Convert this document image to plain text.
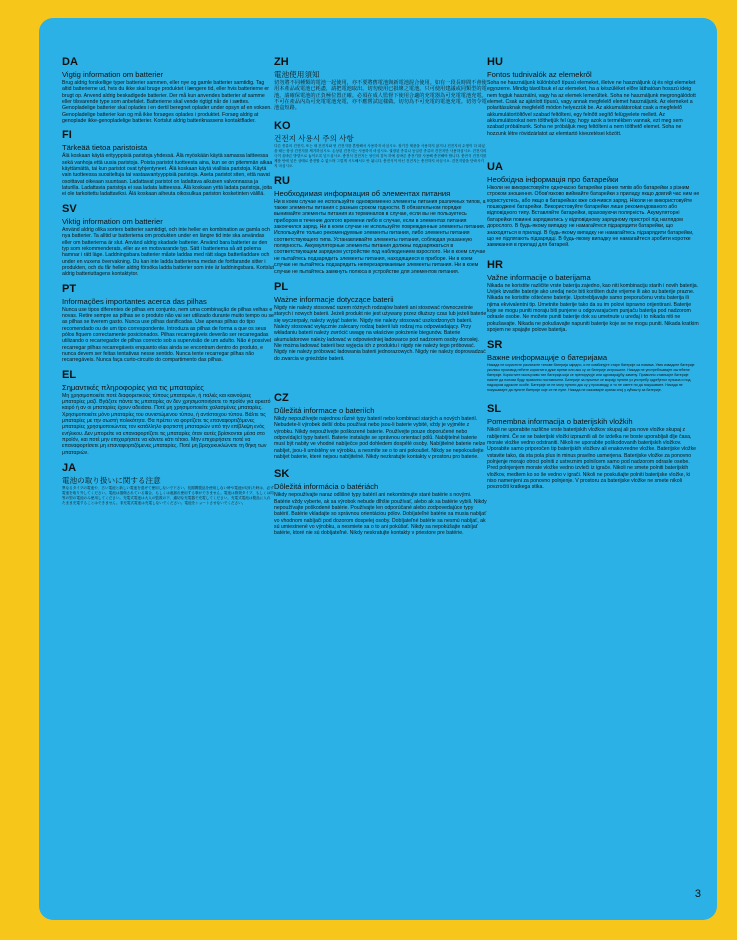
DA
Vigtig information om batterier

Brug aldrig forskellige typer batterier sammen, eller nye og gamle batterier samtidig. Tag altid batterierne ud, hvis du ikke skal bruge produktet i længere tid, eller hvis batterierne er brugt op. Anvend aldrig beskadigede batterier. Der må kun anvendes batterier af samme eller tilsvarende type som anbefalet. Batterierne skal vende rigtigt når de i sættes. Genopladelige batterier skal oplades i en dertil beregnet oplader under opsyn af en voksen. Genopladelige batterier kan og må ikke forsøges oplades i produktet. Forsøg aldrig at genoplade ikke-genopladelige batterier. Kortslut aldrig batteriknassens kontaktflader.

FI
Tärkeää tietoa paristoista

Älä koskaan käytä erityyppisiä paristoja yhdessä. Älä myöskään käytä samassa laitteessa sekä vanhoja että uusia paristoja. Poista paristot tuotteesta aina, kun se on pitemmän aikaa käyttämättä, tai kun paristot ovat tyhjentyneet. Älä koskaan käytä viallisia paristoja. Käytä vain tuotteessa suositeltuja tai vastaavantyyppisiä paristoja. Aseta paristot siten, että navat osoittavat oikeaan suuntaan. Ladattavat paristot on ladattava aikuisen valvonnassa ja laturilla. Ladattavia paristoja ei saa ladata laitteessa. Älä koskaan yritä ladata paristoja, joita ei ole tarkoitettu ladattaviksi. Älä koskaan aiheuta oikosulkua pariston kosketinten välillä.

SV
Viktig information om batterier

Använd aldrig olika sorters batterier samtidigt, och inte heller en kombination av gamla och nya batterier. Ta alltid ur batterierna om produkten under en längre tid inte ska användas eller om batterierna är slut. Använd aldrig skadade batterier. Använd bara batterier av den typ som rekommenderats, eller av en motsvarande typ. Sätt i batterierna så att polerna hamnar i rätt läge. Laddningsbara batterier måste laddas med rätt slags batteriladdare och under en vuxens övervakning. Du kan inte ladda batterierna medan de fortfarande sitter i produkten, och du får heller aldrig försöka ladda batterier som inte är laddningsbara. Kortslut aldrig batteriuttagens kontaktytor.

PT
Informações importantes acerca das pilhas

Nunca use tipos diferentes de pilhas em conjunto, nem uma combinação de pilhas velhas e novas. Retire sempre as pilhas se o produto não vai ser utilizado durante muito tempo ou se as pilhas se tiverem gasto. Nunca use pilhas danificadas. Use apenas pilhas do tipo recomendado ou de um tipo correspondente. Introduza as pilhas de forma a que os seus pólos fiquem correctamente posicionados. Pilhas recarregáveis deverão ser recarregadas utilizando o recarregador de pilhas correcto sob a supervisão de um adulto. Não é possível recarregar pilhas recarregáveis enquanto elas ainda se encontram dentro do produto, e nunca devem ser feitas tentativas nesse sentido. Nunca tente recarregar pilhas não recarregáveis. Nunca faça curto-circuito do compartimento das pilhas.

EL
Σημαντικές πληροφορίες για τις μπαταρίες

Μη χρησιμοποιείτε ποτέ διαφορετικούς τύπους μπαταριών, ή παλιές και καινούριες μπαταρίες μαζί. Βγάζετε πάντα τις μπαταρίες αν δεν χρησιμοποιήσετε το προϊόν για αρκετό καιρό ή αν οι μπαταρίες έχουν αδειάσει. Ποτέ μη χρησιμοποιείτε χαλασμένες μπαταρίες. Χρησιμοποιείτε μόνο μπαταρίες του συνιστώμενου τύπου, ή αντίστοιχου τύπου. Βάλτε τις μπαταρίες με την σωστή πολικότητα. Θα πρέπει να φορτίζετε τις επαναφορτιζόμενες μπαταρίες χρησιμοποιώντας τον κατάλληλο φορτιστή μπαταριών υπό την επίβλεψη ενός ενήλικου. Δεν μπορείτε να επαναφορτίζετε τις μπαταρίες όταν αυτές βρίσκονται μέσα στο προϊόν, και ποτέ μην επιχειρήσετε να κάνετε κάτι τέτοιο. Μην επιχειρήσετε ποτέ να επαναφορτίσετε μη επαναφορτιζόμενες μπαταρίες. Ποτέ μη βραχυκυκλώνετε τη θήκη των μπαταριών.

JA
電池の取り扱いに関する注意

異なるタイプの電池や、古い電池と新しい電池を混ぜて使用しないで下さい。長期間製品を使用しない時や電池が切れた時は、必ず電池を取り外してください。電池は損傷されている場合、もしくは液漏れ使用する事ができません。電池は推奨タイプ、もしくは同等の型の電池のみ使用してください。充電式電池は大人の監視の下、適切な充電器で充電してください。充電式電池は製品に入れたまま充電することはできません。非充電式電池は充電しないでください。電池をショートさせないでください。

ZH
電池使用須知

切勿將不同種類的電池一起使用，亦不要將舊電池與新電池混合使用。如有一段長時間不會使用本產品或電池已耗盡，請把電池取出。切勿使用已損壞之電池。只可使用建議或同類型的電池。請確保電池的正負極位置正確。必須在成人監督下使用合適的充電器為可充電電池充電。不可在產品內為可充電電池充電，亦不應嘗試這樣做。切勿為不可充電的電池充電。切勿令電池盒短路。

KO
건전지 사용시 주의 사항

다른 종류의 건전지, 또는 새 건전지와 헌 건전지를 혼합해서 사용하지 마십시오. 장기간 제품을 사용하지 않거나 건전지의 수명이 다 되었을 때는 항상 건전지를 제거하십시오. 손상된 건전지는 사용하지 마십시오. 권장된 종류나 동일한 종류의 건전지만 사용하십시오. 건전지의 극이 올바른 방향으로 놓이도록 넣으십시오. 충전식 건전지는 성인의 감독 하에 올바른 충전기를 사용해 충전해야 합니다. 충전식 건전지를 제품 안에 넣은 상태로 충전할 수 없으며 그렇게 시도해서도 안 됩니다. 충전식이 아닌 건전지는 충전하지 마십시오. 건전지함을 단락시키지 마십시오.

RU
Необходимая информация об элементах питания

Ни в коем случае не используйте одновременно элементы питания различных типов, а также элементы питания с разным сроком годности. В обязательном порядке вынимайте элементы питания из терминалов в случае, если вы не пользуетесь прибором в течение долгого времени либо в случае, если в элементах питания закончился заряд. Ни в коем случае не используйте поврежденные элементы питания. Используйте только рекомендуемые элементы питания, либо элементы питания соответствующего типа. Устанавливайте элементы питания, соблюдая указанную полярность. Аккумуляторные элементы питания должны подзаряжаться в соответствующем зарядном устройстве под наблюдением взрослого. Ни в коем случае не пытайтесь подзарядить элементы питания, находящиеся в приборе. Ни в коем случае не пытайтесь подзарядить неперезаряжаемые элементы питания. Ни в коем случае не пытайтесь замкнуть полюса в устройстве для элементов питания.

PL
Ważne informacje dotyczące baterii

Nigdy nie należy stosować razem różnych rodzajów baterii ani stosować równocześnie starych i nowych baterii. Jeżeli produkt nie jest używany przez dłuższy czas lub jeżeli baterie się wyczerpały, należy wyjąć baterie. Nigdy nie należy stosować uszkodzonych baterii. Należy stosować wyłącznie zalecany rodzaj baterii lub rodzaj mu odpowiadający. Przy wkładaniu baterii należy zwrócić uwagę na właściwe położenie biegunów. Baterie akumulatorowe należy ładować w odpowiedniej ładowarce pod nadzorem osoby dorosłej. Nie można ładować baterii bez wyjęcia ich z produktu i nigdy nie należy tego próbować. Nigdy nie należy próbować ładowania baterii jednorazowych. Nigdy nie należy doprowadzać do zwarcia w gnieździe baterii.

CZ
Důležitá informace o bateriích

Nikdy nepoužívejte najednou různé typy baterií nebo kombinaci starých a nových baterií. Nebudete-li výrobek delší dobu používat nebo jsou-li baterie vybité, vždy je vyjměte z výrobku. Nikdy nepoužívejte poškozené baterie. Používejte pouze doporučené nebo odpovídající typy baterií. Baterie instalujte se správnou orientací pólů. Nabíjitelné baterie musí být nabity ve vhodné nabíječce pod dohledem dospělé osoby. Nabíjitelné baterie nelze nabíjet, jsou-li umístěny ve výrobku, a nesmíte se o to ani pokoušet. Nikdy se nepokoušejte nabíjet baterie, které nejsou nabíjitelné. Nikdy nezkratujte kontakty v prostoru pro baterie.

SK
Dôležitá informácia o batériách

Nikdy nepoužívajte naraz odlišné typy batérií ani nekombinujte staré batérie s novými. Batérie vždy vyberte, ak sa výrobok nebude dlhšie používať, alebo ak sa batérie vybili. Nikdy nepoužívajte poškodené batérie. Používajte len odporúčané alebo zodpovedajúce typy batérií. Batérie vkladajte so správnou orientáciou pólov. Dobíjateľné batérie sa musia nabíjať vo vhodnom nabíjači pod dozorom dospelej osoby. Dobíjateľné batérie sa nesmú nabíjať, ak sú umiestnené vo výrobku, a nesmiete sa o to ani pokúšať. Nikdy sa nepokúšajte nabíjať batérie, ktoré nie sú dobíjateľné. Nikdy neskratujte kontakty v priestore pre batérie.

HU
Fontos tudnivalók az elemekről

Soha ne használjunk különböző típusú elemeket, illetve ne használjunk új és régi elemeket egyszerre. Mindig távolítsuk el az elemeket, ha a készüléket előre láthatóan hosszú ideig nem fogjuk használni, vagy ha az elemek lemerültek. Soha ne használjunk megrongálódott elemet. Csak az ajánlott típusú, vagy annak megfelelő elemet használjunk. Az elemeket a polaritásuknak megfelelő módon helyezzük be. Az akkumulátorokat csak a megfelelő akkumulátortöltővel szabad feltölteni, egy felnőtt segítő felügyelete mellett. Az akkumulátorokat nem tölthetjük fel úgy, hogy azok a termékben vannak, ezt meg sem szabad próbálnunk. Soha ne próbáljuk meg feltölteni a nem tölthető elemet. Soha ne hozzunk létre rövidzárlatot az elemtartó kivezetései között.

UA
Необхідна інформація про батарейки

Ніколи не використовуйте одночасно батарейки різних типів або батарейки з різним строком зношення. Обов'язково виймайте батарейки з приладу якщо довгий час ним не користуєтесь, або якщо в батарейках вже скінчився заряд. Ніколи не використовуйте пошкоджені батарейки. Використовуйте батарейки лише рекомендованого або відповідного типу. Вставляйте батарейки, враховуючи полярність. Акумуляторні батарейки повинні заряджатись у відповідному зарядному пристрої під наглядом дорослого. В будь-якому випадку не намагайтеся підзарядити батарейки, що знаходяться в приладі. В будь-якому випадку не намагайтесь підзарядити батарейки, що не підлягають підзарядці. В будь-якому випадку не намагайтеся зробити коротке замикання в приладі для батарей.

HR
Važne informacije o baterijama

Nikada ne koristite različite vrste baterija zajedno, kao niti kombinaciju starih i novih baterija. Uvijek izvadite baterije ako uređaj neće biti korišten duže vrijeme ili ako su baterije prazne. Nikada ne koristite oštećene baterije. Upotrebljavajte samo preporučenu vrstu baterija ili njima ekvivalentni tip. Umetnite baterije tako da su im polovi ispravno orijentirani. Baterije koje se mogu puniti moraju biti punjene u odgovarajućem punjaču baterija pod nadzorom odrasle osobe. Ne možete puniti baterije dok su umetnute u uređaj i to nikada niti ne pokušavajte. Nikada ne pokušavajte napuniti baterije koje se ne mogu puniti. Nikada kratkim spojem ne spajajte polove baterija.

SR
Важне информације о батеријама

Никада не користите различите типове батерија заједно, и не комбинујте старе батерије са новима. Увек извадите батерије уколико производ нећете користити дуже време или ако су се батерије истрошиле. Никада не употребљавајте оштећене батерије. Користите искључиво тип батерија који се препоручује или одговарајућу замену. Правилно ставњајте батерије пазите да полови буду правилно постављени. Батерије за пуњење се морају пунити уз употребу одређеног пуњача и под надзором одрасле особе. Батерије се не могу пунити док су у производу, и то не смете ни да покушавате. Никада не покушавајте да пуните батерије које се не пуне. Никада не изазивајте кратак спој у кућишту за батерије.

SL
Pomembna informacija o baterijskih vložkih

Nikoli ne uporabite različne vrste baterijskih vložkov skupaj ali pa nove vložke skupaj z rabljenimi. Če se se baterijski vložki izpraznili ali če izdelka ne boste uporabljali dlje časa, morate vložke vedno odstraniti. Nikoli ne uporabite poškodovanih baterijskih vložkov. Uporabite samo priporočen tip baterijskih vložkov ali enakovredne vložke. Baterijske vložke vstavite tako, da sta pola plus in minus pravilno usmerjena. Baterijske vložke za ponovno polnjenje morajo otroci polniti z ustreznim polnilcem samo pod nadzorom odrasle osebe. Pred polnjenjem morate vložke vedno izvleči iz igrače. Nikoli ne smete polniti baterijskih vložkov, medtem ko so še vedno v igrači. Nikoli ne poskušajte polniti baterijske vložke, ki niso namenjeni za ponovno polnjenje. V prostoru za baterijske vložke ne smete nikoli povzročiti kratkega stika.

3
